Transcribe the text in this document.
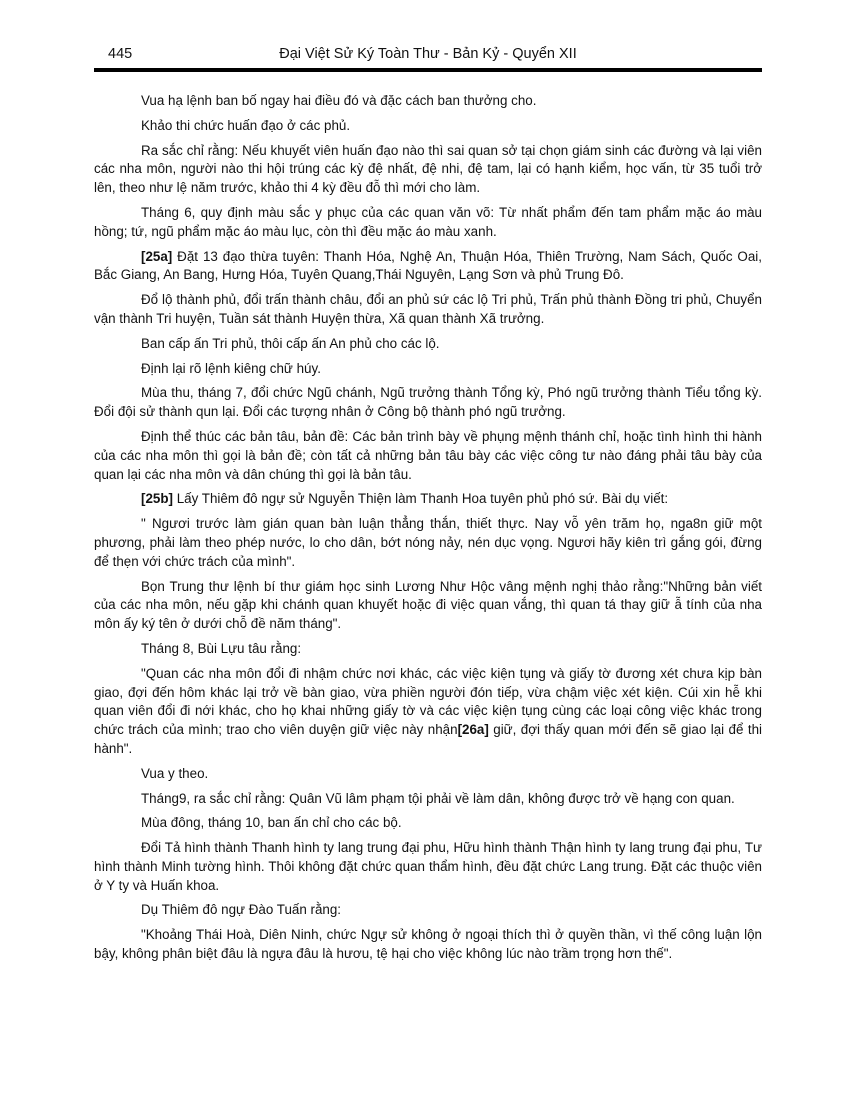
445	Đại Việt Sử Ký Toàn Thư - Bản Kỷ - Quyển XII

Vua hạ lệnh ban bố ngay hai điều đó và đặc cách ban thưởng cho.

Khảo thi chức huấn đạo ở các phủ.

Ra sắc chỉ rằng: Nếu khuyết viên huấn đạo nào thì sai quan sở tại chọn giám sinh các đường và lại viên các nha môn, người nào thi hội trúng các kỳ đệ nhất, đệ nhi, đệ tam, lại có hạnh kiểm, học vấn, từ 35 tuổi trở lên, theo như lệ năm trước, khảo thi 4 kỳ đều đỗ thì mới cho làm.

Tháng 6, quy định màu sắc y phục của các quan văn võ: Từ nhất phẩm đến tam phẩm mặc áo màu hồng; tứ, ngũ phẩm mặc áo màu lục, còn thì đều mặc áo màu xanh.

[25a] Đặt 13 đạo thừa tuyên: Thanh Hóa, Nghệ An, Thuận Hóa, Thiên Trường, Nam Sách, Quốc Oai, Bắc Giang, An Bang, Hưng Hóa, Tuyên Quang,Thái Nguyên, Lạng Sơn và phủ Trung Đô.

Đổ lộ thành phủ, đổi trấn thành châu, đổi an phủ sứ các lộ Tri phủ, Trấn phủ thành Đồng tri phủ, Chuyển vận thành Tri huyện, Tuần sát thành Huyện thừa, Xã quan thành Xã trưởng.

Ban cấp ấn Tri phủ, thôi cấp ấn An phủ cho các lộ.

Định lại rõ lệnh kiêng chữ húy.

Mùa thu, tháng 7, đổi chức Ngũ chánh, Ngũ trưởng thành Tổng kỳ, Phó ngũ trưởng thành Tiểu tổng kỳ. Đổi đội sử thành qun lại. Đổi các tượng nhân ở Công bộ thành phó ngũ trưởng.

Định thể thúc các bản tâu, bản đề: Các bản trình bày về phụng mệnh thánh chỉ, hoặc tình hình thi hành của các nha môn thì gọi là bản đề; còn tất cả những bản tâu bày các việc công tư nào đáng phải tâu bày của quan lại các nha môn và dân chúng thì gọi là bản tâu.

[25b] Lấy Thiêm đô ngự sử Nguyễn Thiện làm Thanh Hoa tuyên phủ phó sứ. Bài dụ viết:

" Ngươi trước làm gián quan bàn luận thẳng thắn, thiết thực. Nay vỗ yên trăm họ, nga8n giữ một phương, phải làm theo phép nước, lo cho dân, bớt nóng nảy, nén dục vọng. Ngươi hãy kiên trì gắng gói, đừng để thẹn với chức trách của mình".

Bọn Trung thư lệnh bí thư giám học sinh Lương Như Hộc vâng mệnh nghị thảo rằng:"Những bản viết của các nha môn, nếu gặp khi chánh quan khuyết hoặc đi việc quan vắng, thì quan tá thay giữ ẫ tính của nha môn ấy ký tên ở dưới chỗ đề năm tháng".

Tháng 8, Bùi Lựu tâu rằng:

"Quan các nha môn đổi đi nhậm chức nơi khác, các việc kiện tụng và giấy tờ đương xét chưa kịp bàn giao, đợi đến hôm khác lại trở về bàn giao, vừa phiền người đón tiếp, vừa chậm việc xét kiện. Cúi xin hễ khi quan viên đổi đi nới khác, cho họ khai những giấy tờ và các việc kiện tụng cùng các loại công việc khác trong chức trách của mình; trao cho viên duyện giữ việc này nhận[26a] giữ, đợi thấy quan mới đến sẽ giao lại để thi hành".

Vua y theo.

Tháng9, ra sắc chỉ rằng: Quân Vũ lâm phạm tội phải về làm dân, không được trở về hạng con quan.

Mùa đông, tháng 10, ban ấn chỉ cho các bộ.

Đổi Tả hình thành Thanh hình ty lang trung đại phu, Hữu hình thành Thận hình ty lang trung đại phu, Tư hình thành Minh tường hình. Thôi không đặt chức quan thẩm hình, đều đặt chức Lang trung. Đặt các thuộc viên ở Y ty và Huấn khoa.

Dụ Thiêm đô ngự Đào Tuấn rằng:

"Khoảng Thái Hoà, Diên Ninh, chức Ngự sử không ở ngoại thích thì ở quyền thần, vì thế công luận lộn bậy, không phân biệt đâu là ngựa đâu là hươu, tệ hại cho việc không lúc nào trầm trọng hơn thế".
